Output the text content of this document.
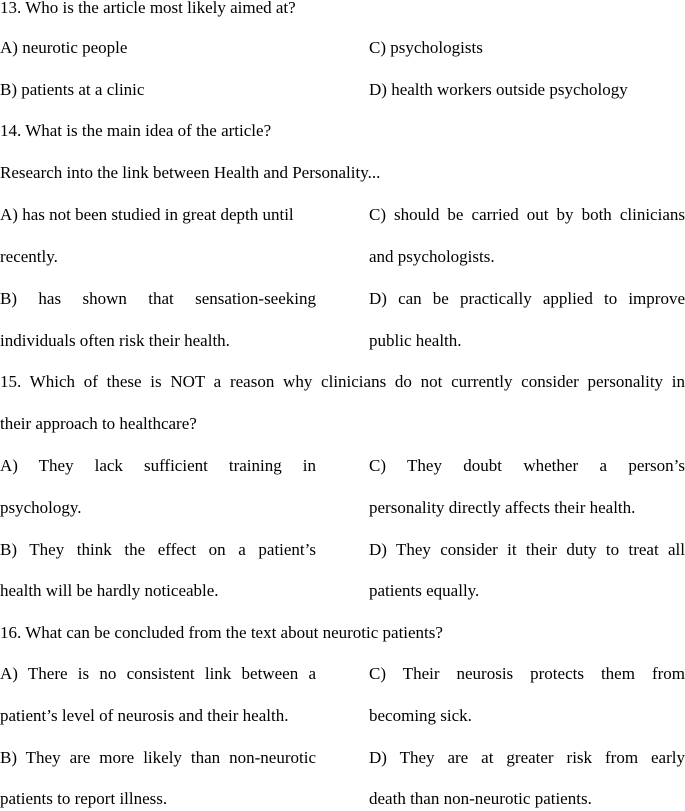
13. Who is the article most likely aimed at?
A) neurotic people	C) psychologists
B) patients at a clinic	D) health workers outside psychology
14. What is the main idea of the article?
Research into the link between Health and Personality...
A) has not been studied in great depth until	C) should be carried out by both clinicians
recently.	and psychologists.
B) has shown that sensation-seeking	D) can be practically applied to improve
individuals often risk their health.	public health.
15. Which of these is NOT a reason why clinicians do not currently consider personality in
their approach to healthcare?
A) They lack sufficient training in	C) They doubt whether a person’s
psychology.	personality directly affects their health.
B) They think the effect on a patient’s	D) They consider it their duty to treat all
health will be hardly noticeable.	patients equally.
16. What can be concluded from the text about neurotic patients?
A) There is no consistent link between a	C) Their neurosis protects them from
patient’s level of neurosis and their health.	becoming sick.
B) They are more likely than non-neurotic	D) They are at greater risk from early
patients to report illness.	death than non-neurotic patients.
